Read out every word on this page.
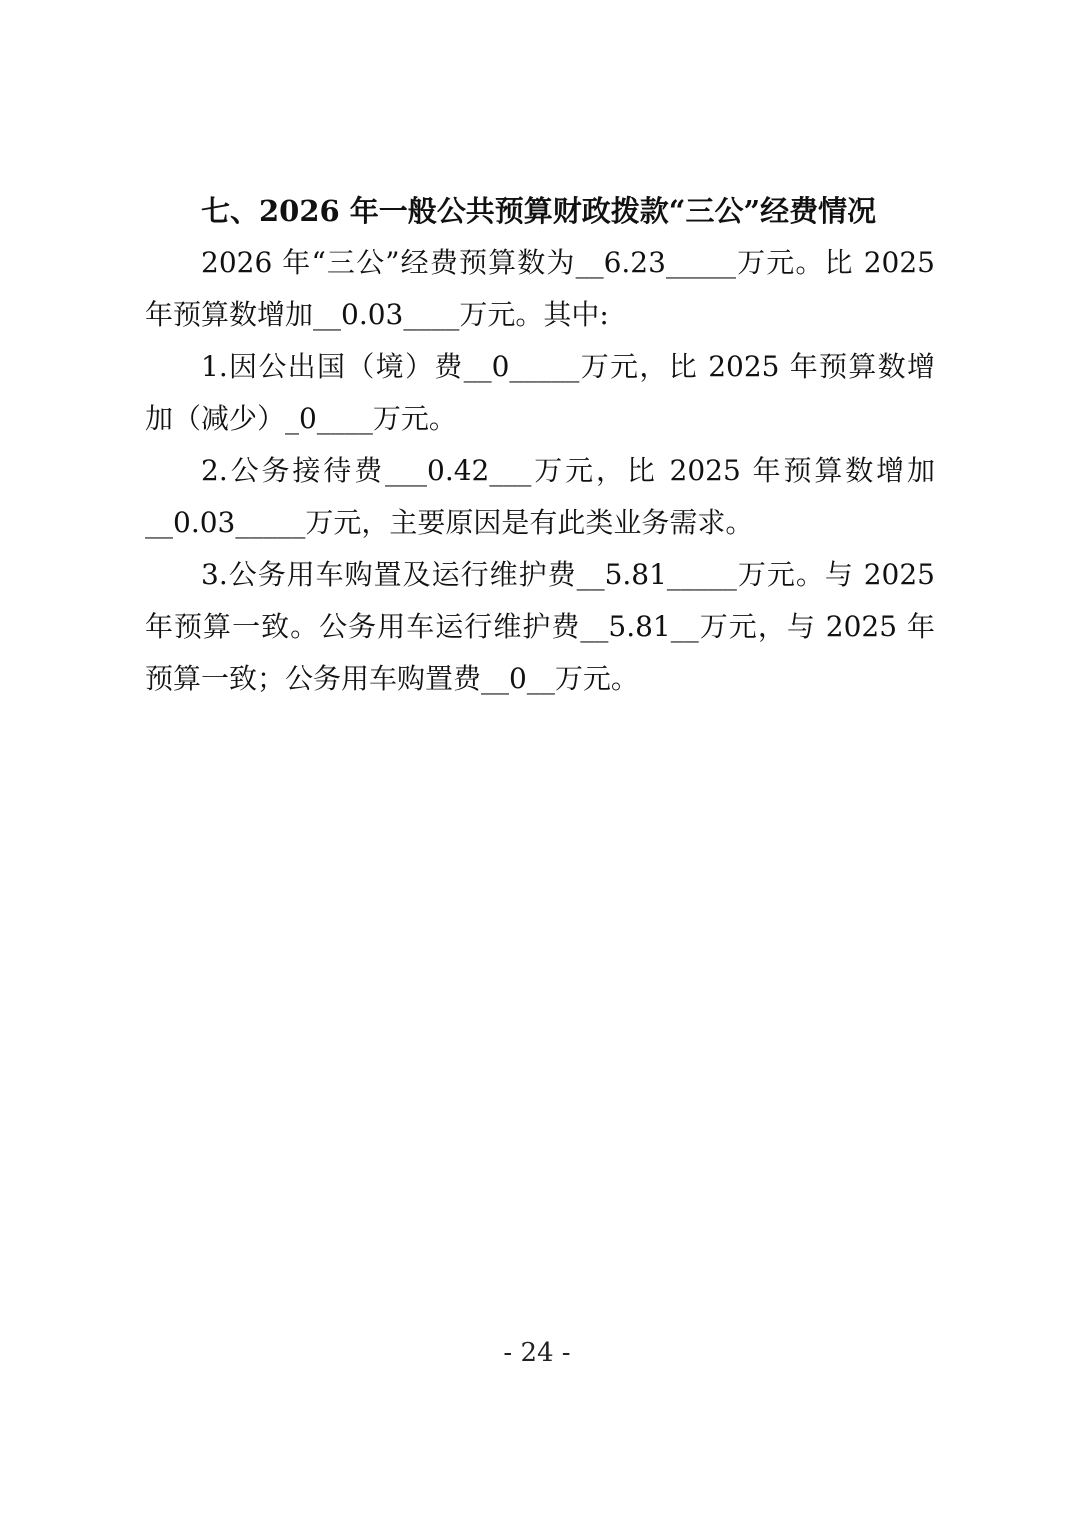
七、2026 年一般公共预算财政拨款“三公”经费情况

2026 年“三公”经费预算数为__6.23_____万元。比 2025 年预算数增加__0.03____万元。其中:

1.因公出国（境）费__0_____万元，比 2025 年预算数增加（减少）_0____万元。

2.公务接待费___0.42___万元，比 2025 年预算数增加__0.03_____万元，主要原因是有此类业务需求。

3.公务用车购置及运行维护费__5.81_____万元。与 2025 年预算一致。公务用车运行维护费__5.81__万元，与 2025 年预算一致；公务用车购置费__0__万元。

- 24 -
